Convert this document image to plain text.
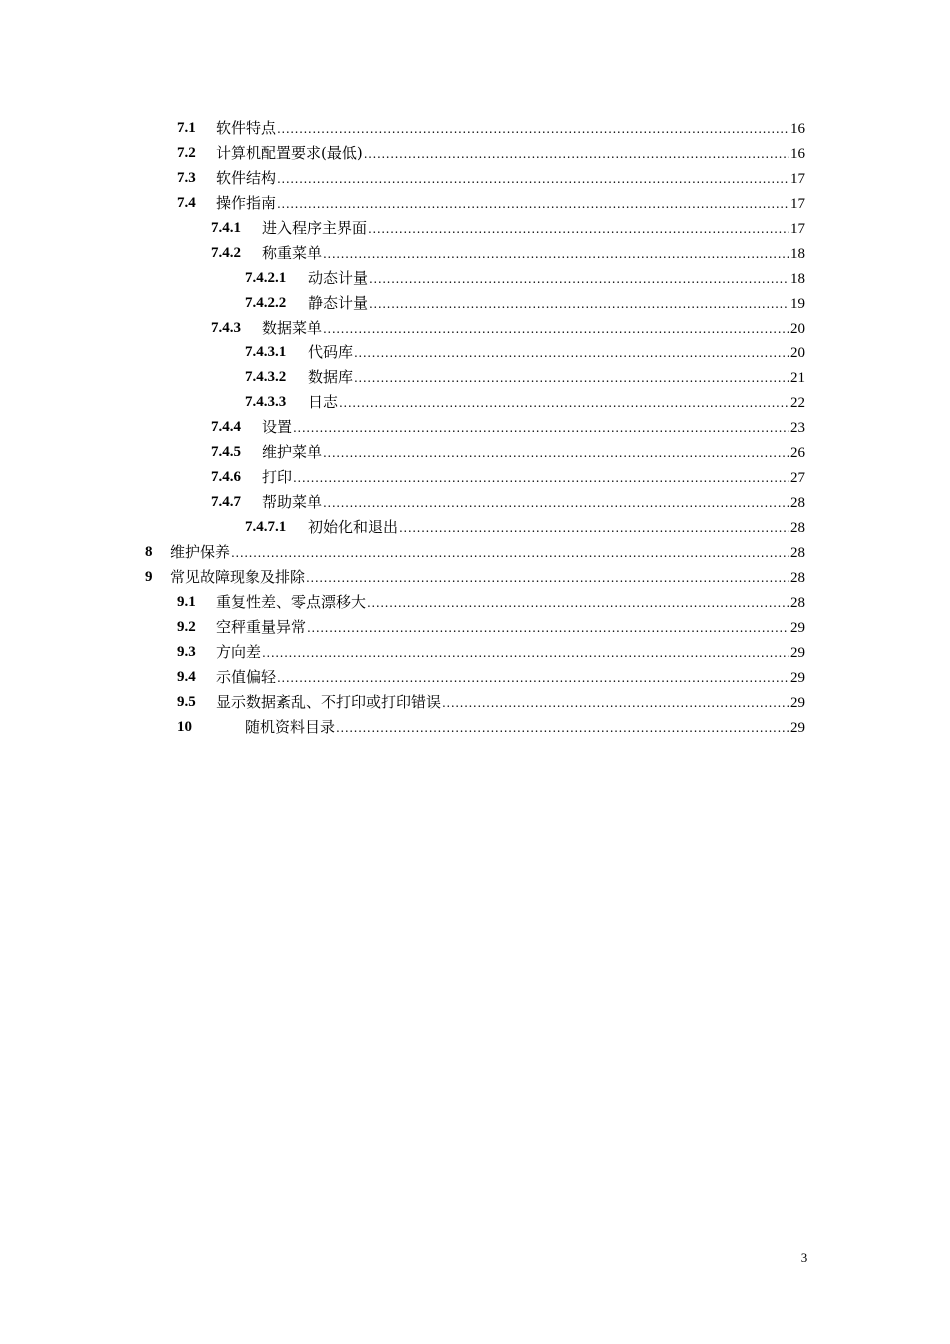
7.1 软件特点 .....	16
7.2 计算机配置要求(最低) .....	16
7.3 软件结构 .....	17
7.4 操作指南 .....	17
7.4.1 进入程序主界面 .....	17
7.4.2 称重菜单 .....	18
7.4.2.1 动态计量 .....	18
7.4.2.2 静态计量 .....	19
7.4.3 数据菜单 .....	20
7.4.3.1 代码库 .....	20
7.4.3.2 数据库 .....	21
7.4.3.3 日志 .....	22
7.4.4 设置 .....	23
7.4.5 维护菜单 .....	26
7.4.6 打印 .....	27
7.4.7 帮助菜单 .....	28
7.4.7.1 初始化和退出 .....	28
8 维护保养 .....	28
9 常见故障现象及排除 .....	28
9.1 重复性差、零点漂移大 .....	28
9.2 空秤重量异常 .....	29
9.3 方向差 .....	29
9.4 示值偏轻 .....	29
9.5 显示数据紊乱、不打印或打印错误 .....	29
10	随机资料目录 .....	29
3
